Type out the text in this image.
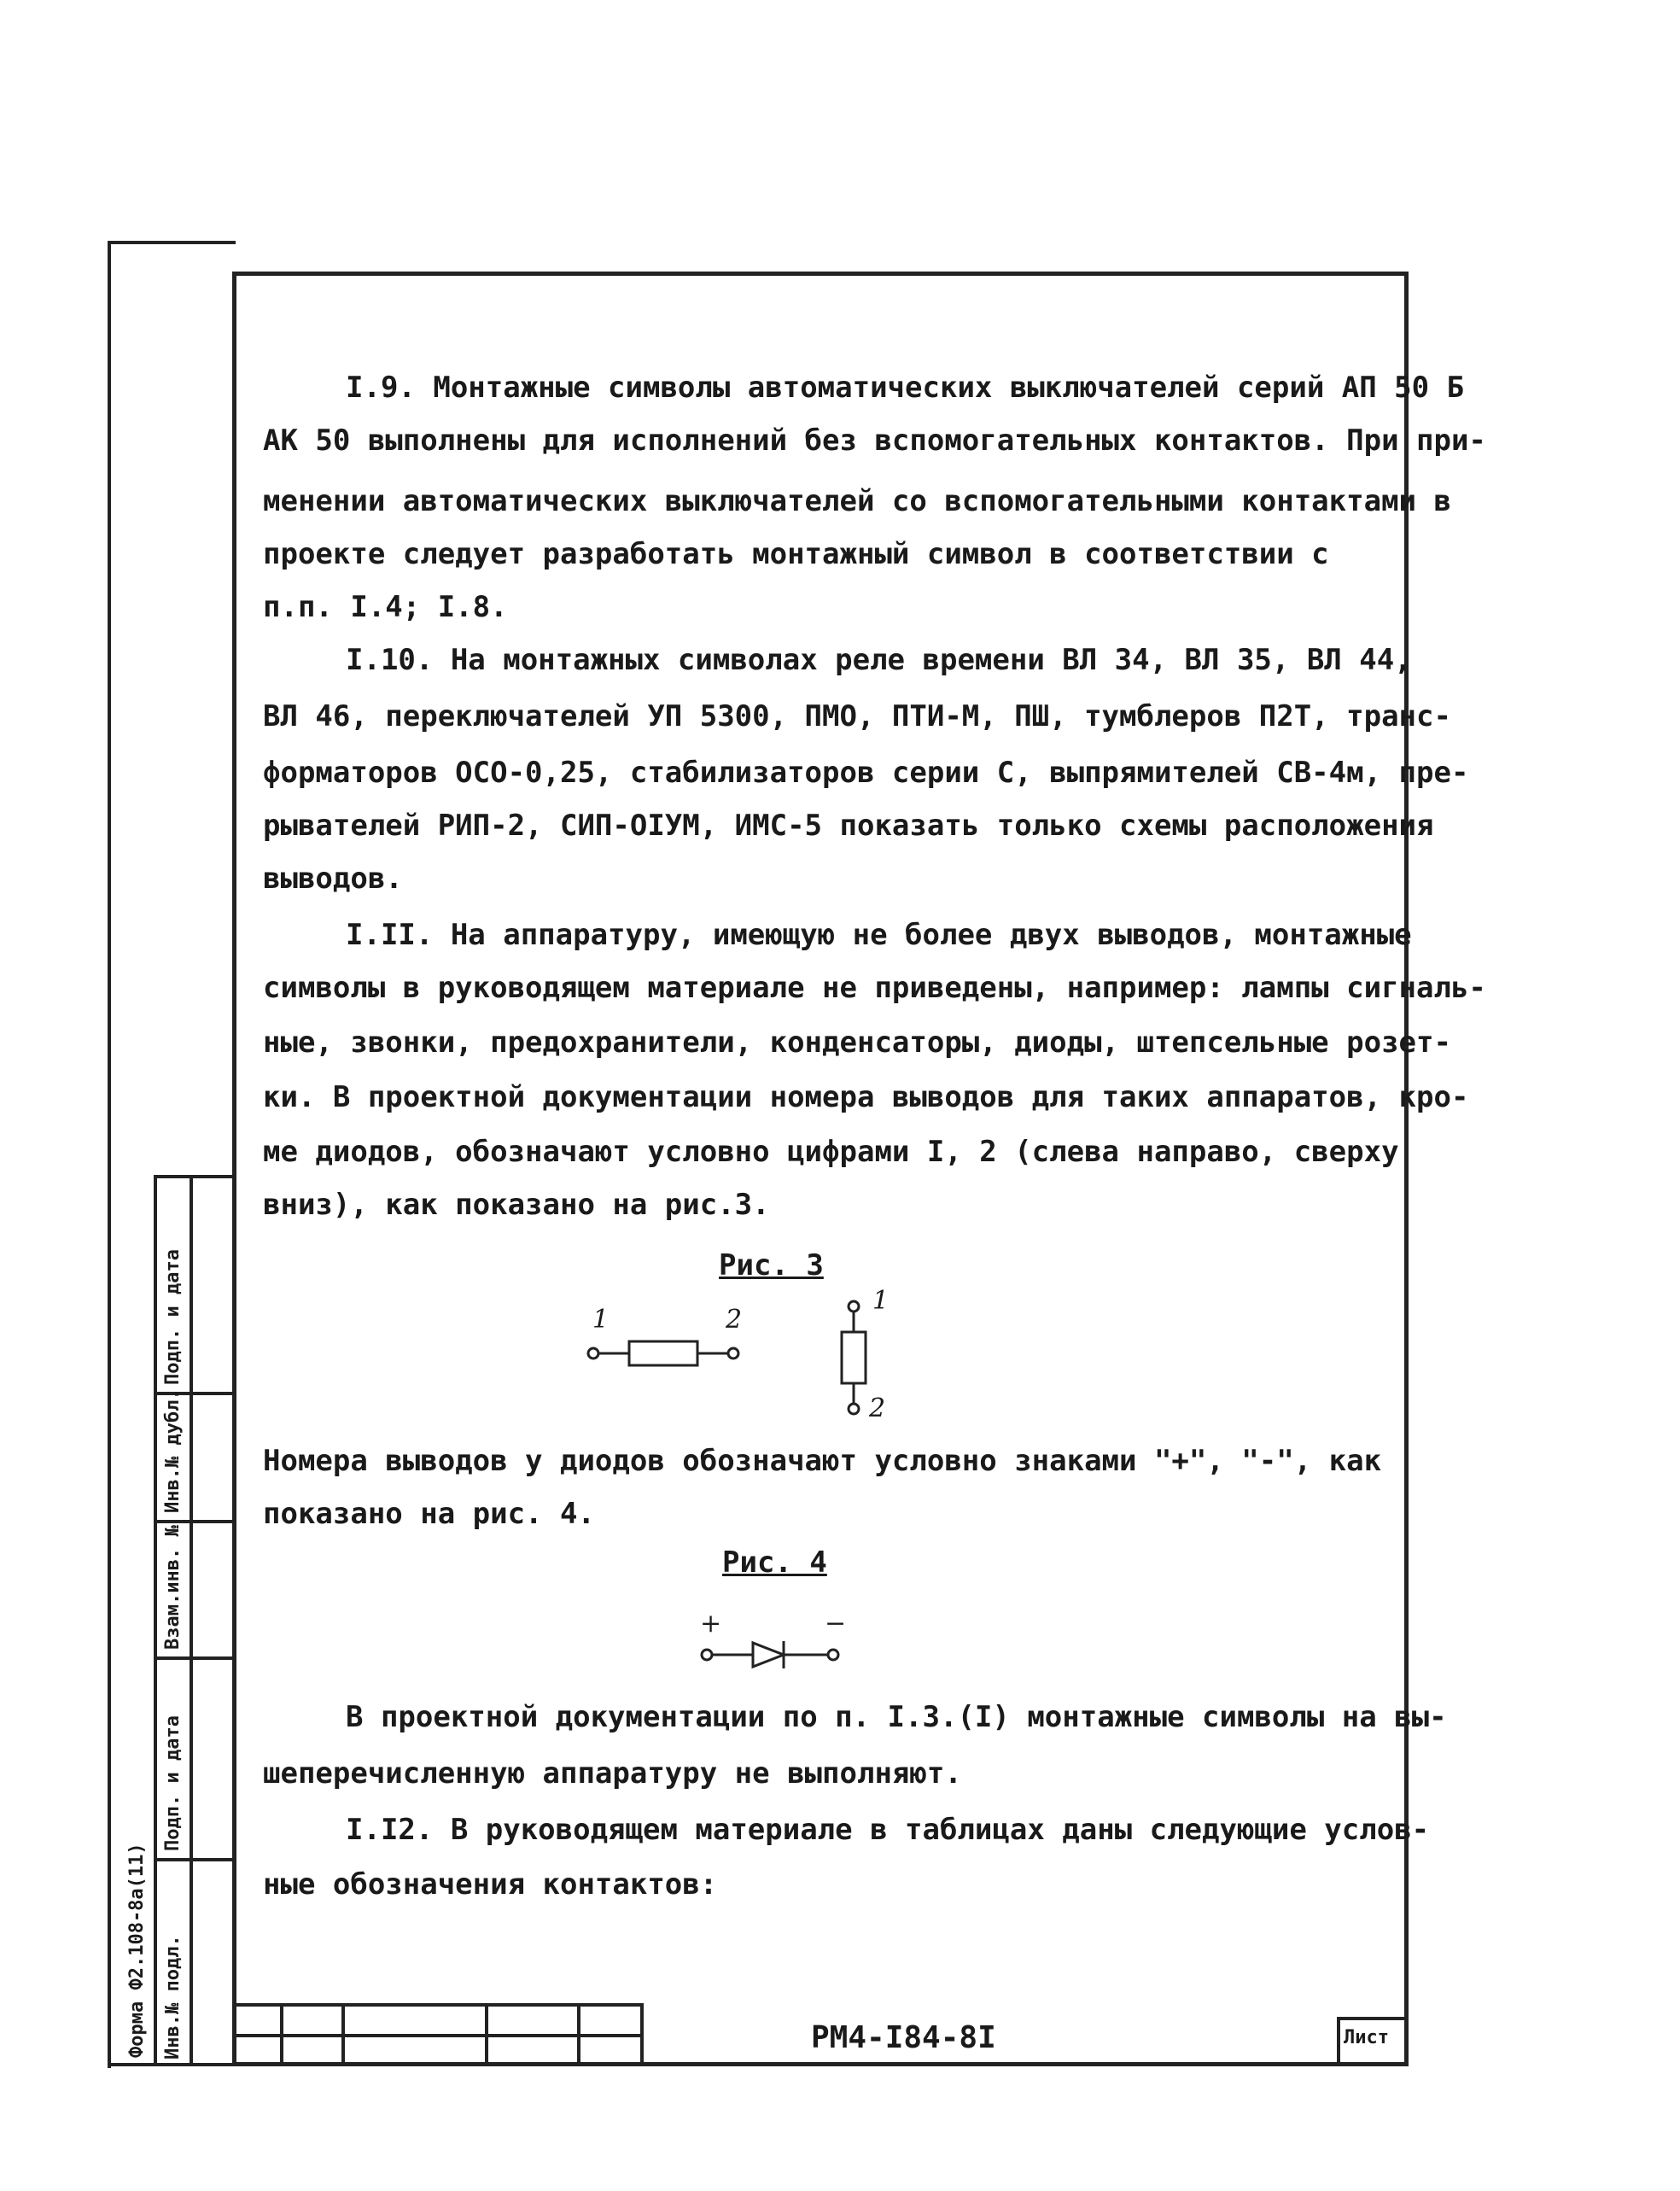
I.9. Монтажные символы автоматических выключателей серий АП 50 Б
АК 50 выполнены для исполнений без вспомогательных контактов. При при-
менении автоматических выключателей со вспомогательными контактами в
проекте следует разработать монтажный символ в соответствии с
п.п. I.4; I.8.
I.10. На монтажных символах реле времени ВЛ 34, ВЛ 35, ВЛ 44,
ВЛ 46, переключателей УП 5300, ПМО, ПТИ-М, ПШ, тумблеров П2Т, транс-
форматоров ОСО-0,25, стабилизаторов серии С, выпрямителей СВ-4м, пре-
рывателей РИП-2, СИП-ОIУМ, ИМС-5 показать только схемы расположения
выводов.
I.II. На аппаратуру, имеющую не более двух выводов, монтажные
символы в руководящем материале не приведены, например: лампы сигналь-
ные, звонки, предохранители, конденсаторы, диоды, штепсельные розет-
ки. В проектной документации номера выводов для таких аппаратов, кро-
ме диодов, обозначают условно цифрами I, 2 (слева направо, сверху
вниз), как показано на рис.3.
Номера выводов у диодов обозначают условно знаками "+", "-", как
показано на рис. 4.
В проектной документации по п. I.3.(I) монтажные символы на вы-
шеперечисленную аппаратуру не выполняют.
I.I2. В руководящем материале в таблицах даны следующие услов-
ные обозначения контактов:
Рис. 3
1	2
1
2
Рис. 4
+	−
Форма Ф2.108-8а(11) Инв.№ подл.
Подп. и дата
Взам.инв. №
Инв.№ дубл.
Подп. и дата
РМ4-I84-8I	Лист
